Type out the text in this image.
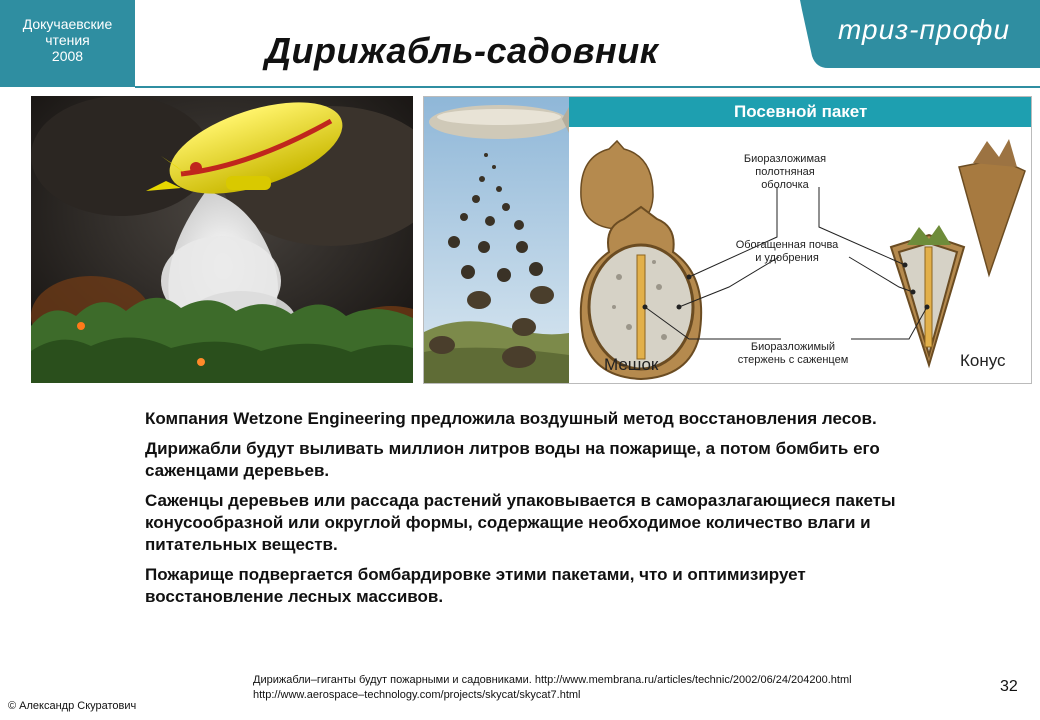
Докучаевские
чтения
2008	Дирижабль-садовник
триз-профи
Посевной пакет
Биоразложимая полотняная оболочка
Обогащенная почва и удобрения
Биоразложимый стержень с саженцем
Мешок	Конус

Компания Wetzone Engineering предложила воздушный метод восстановления лесов.

Дирижабли будут выливать миллион литров воды на пожарище, а потом бомбить его саженцами деревьев.

Саженцы деревьев или рассада растений упаковывается в саморазлагающиеся пакеты конусообразной или округлой формы, содержащие необходимое количество влаги и питательных веществ.

Пожарище подвергается бомбардировке этими пакетами, что и оптимизирует восстановление лесных массивов.

Дирижабли–гиганты будут пожарными и садовниками. http://www.membrana.ru/articles/technic/2002/06/24/204200.html
http://www.aerospace–technology.com/projects/skycat/skycat7.html	32
© Александр Скуратович
